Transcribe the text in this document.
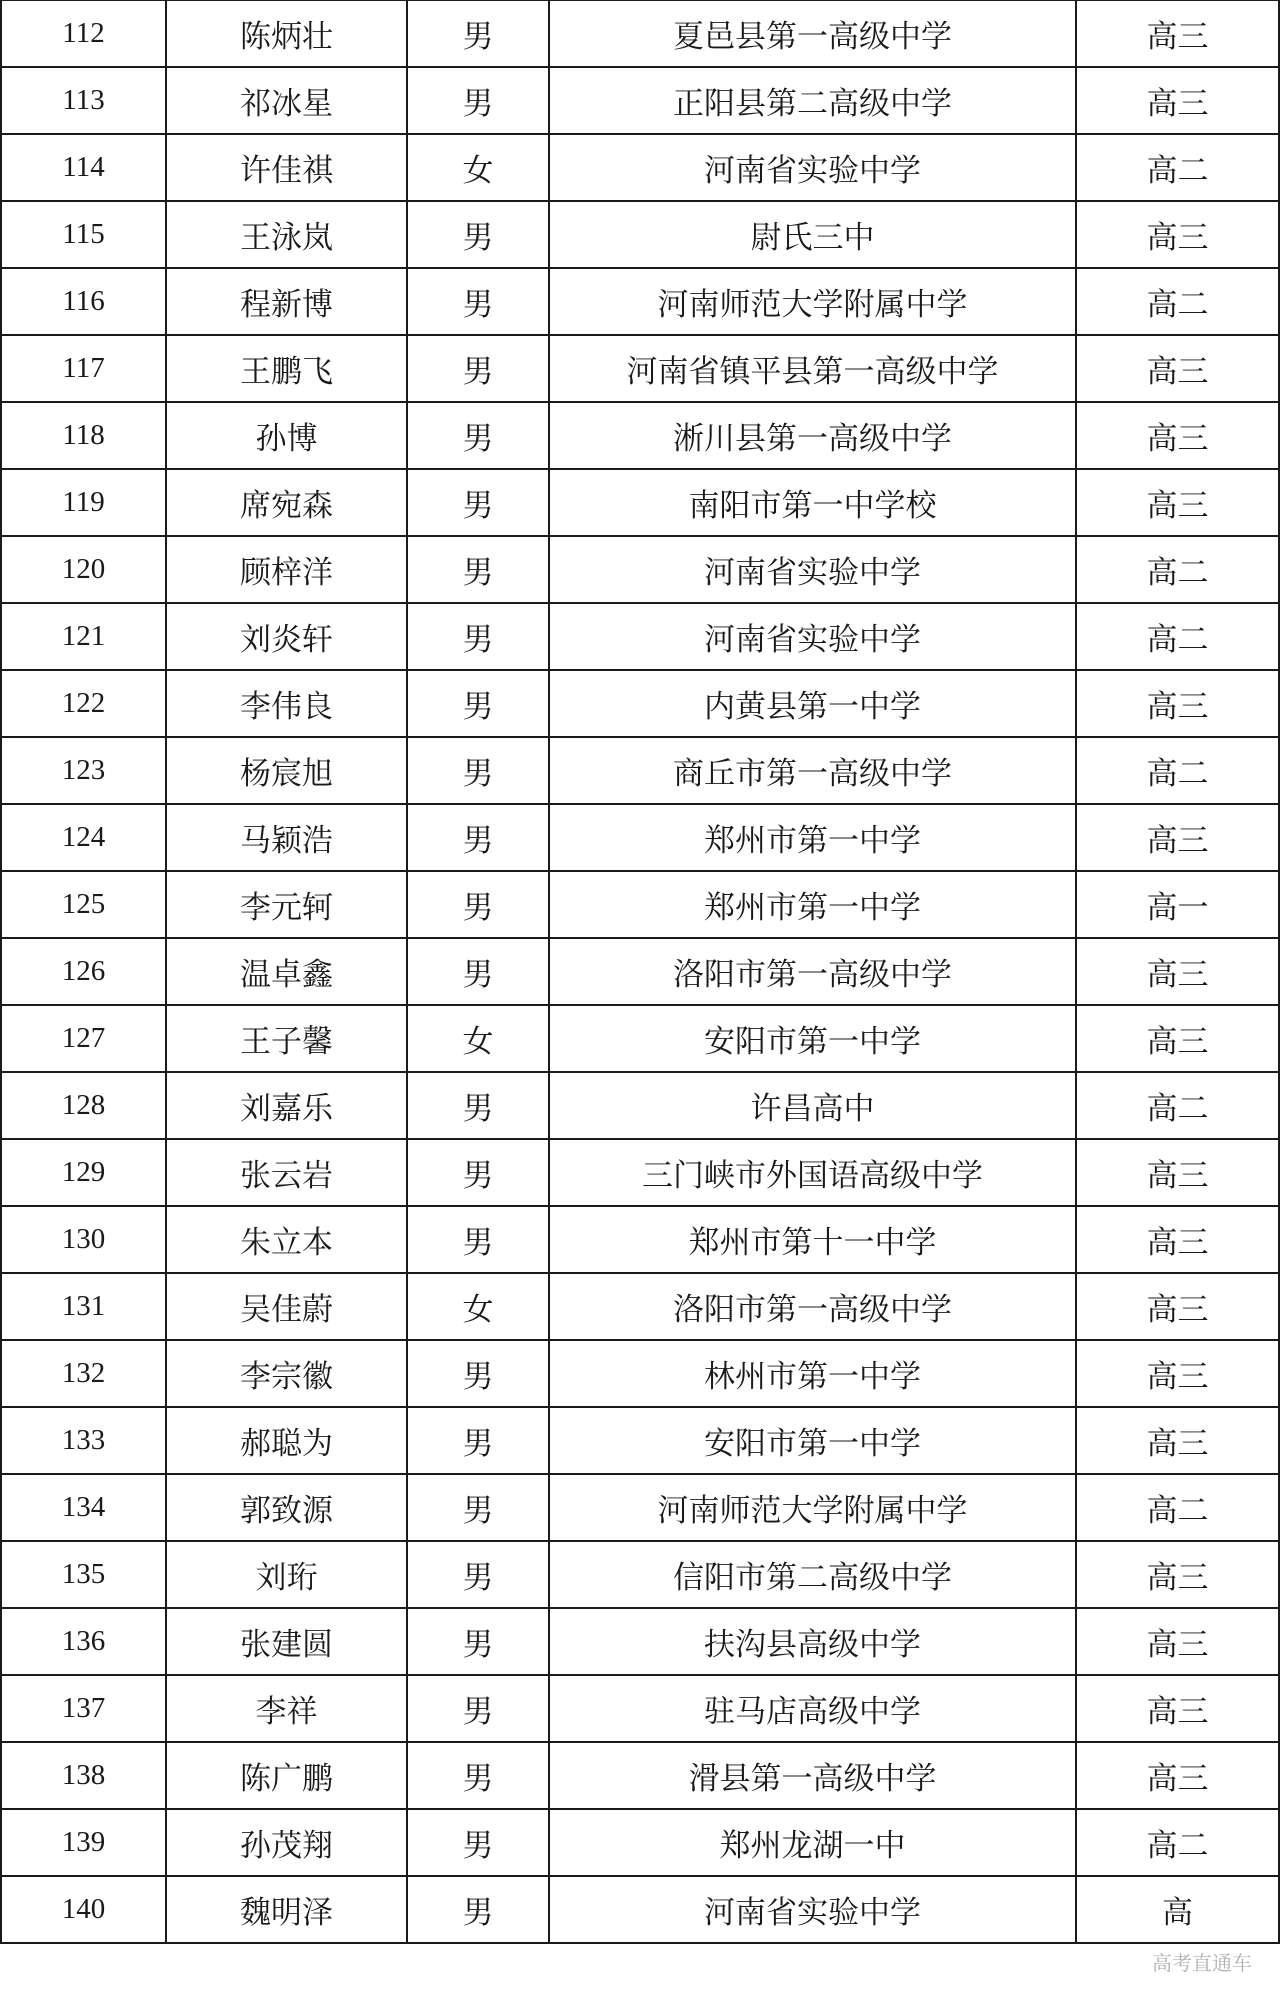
112	陈炳壮	男	夏邑县第一高级中学	高三
113	祁冰星	男	正阳县第二高级中学	高三
114	许佳祺	女	河南省实验中学	高二
115	王泳岚	男	尉氏三中	高三
116	程新博	男	河南师范大学附属中学	高二
117	王鹏飞	男	河南省镇平县第一高级中学	高三
118	孙博	男	淅川县第一高级中学	高三
119	席宛森	男	南阳市第一中学校	高三
120	顾梓洋	男	河南省实验中学	高二
121	刘炎轩	男	河南省实验中学	高二
122	李伟良	男	内黄县第一中学	高三
123	杨宸旭	男	商丘市第一高级中学	高二
124	马颖浩	男	郑州市第一中学	高三
125	李元轲	男	郑州市第一中学	高一
126	温卓鑫	男	洛阳市第一高级中学	高三
127	王子馨	女	安阳市第一中学	高三
128	刘嘉乐	男	许昌高中	高二
129	张云岩	男	三门峡市外国语高级中学	高三
130	朱立本	男	郑州市第十一中学	高三
131	吴佳蔚	女	洛阳市第一高级中学	高三
132	李宗徽	男	林州市第一中学	高三
133	郝聪为	男	安阳市第一中学	高三
134	郭致源	男	河南师范大学附属中学	高二
135	刘珩	男	信阳市第二高级中学	高三
136	张建圆	男	扶沟县高级中学	高三
137	李祥	男	驻马店高级中学	高三
138	陈广鹏	男	滑县第一高级中学	高三
139	孙茂翔	男	郑州龙湖一中	高二
140	魏明泽	男	河南省实验中学	高
高考直通车
